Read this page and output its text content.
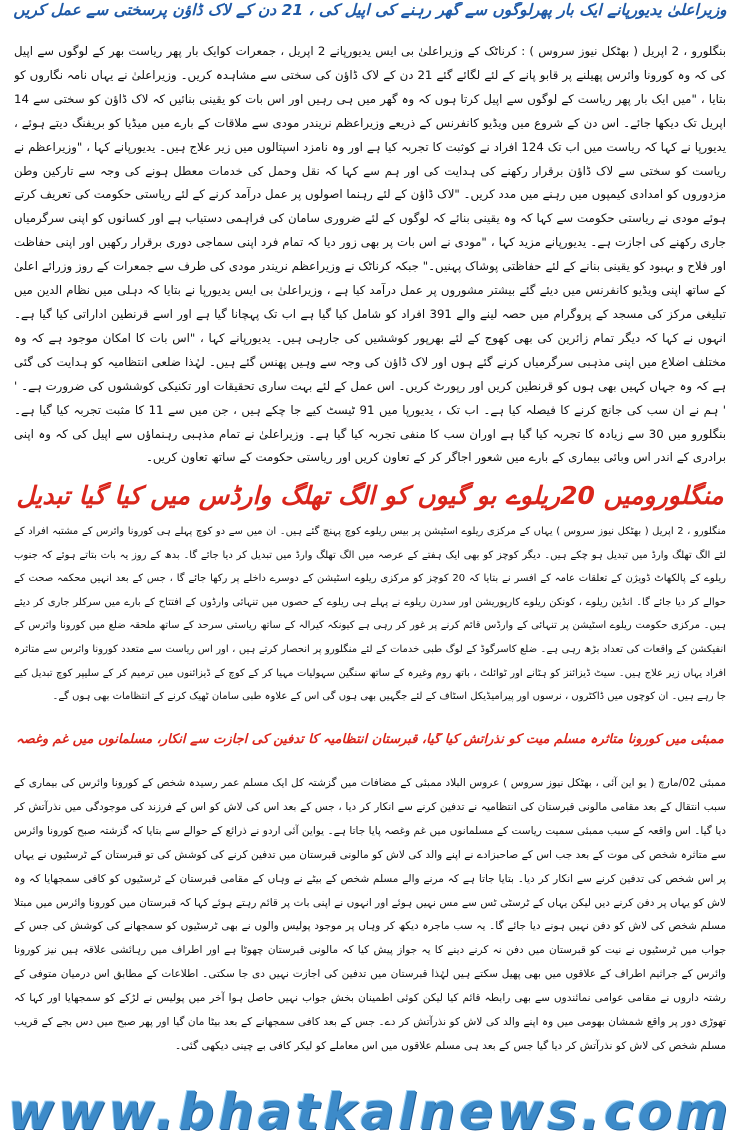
وزیراعلیٰ یدیورپانے ایک بار پھرلوگوں سے گھر رہنے کی اپیل کی ، 21 دن کے لاک ڈاؤن پرسختی سے عمل کریں

بنگلورو ، 2 اپریل ( بھٹکل نیوز سروس ) : کرناٹک کے وزیراعلیٰ بی ایس یدیورپانے 2 اپریل ، جمعرات کوایک بار پھر ریاست بھر کے لوگوں سے اپیل کی کہ وہ کورونا وائرس پھیلنے پر قابو پانے کے لئے لگائے گئے 21 دن کے لاک ڈاؤن کی سختی سے مشاہدہ کریں۔ وزیراعلیٰ نے یہاں نامہ نگاروں کو بتایا ، "میں ایک بار پھر ریاست کے لوگوں سے اپیل کرتا ہوں کہ وہ گھر میں ہی رہیں اور اس بات کو یقینی بنائیں کہ لاک ڈاؤن کو سختی سے 14 اپریل تک دیکھا جائے۔ اس دن کے شروع میں ویڈیو کانفرنس کے ذریعے وزیراعظم نریندر مودی سے ملاقات کے بارے میں میڈیا کو بریفنگ دیتے ہوئے ، یدیورپا نے کہا کہ ریاست میں اب تک 124 افراد نے کوثبت کا تجربہ کیا ہے اور وہ نامزد اسپتالوں میں زیر علاج ہیں۔ یدیورپانے کہا ، "وزیراعظم نے ریاست کو سختی سے لاک ڈاؤن برقرار رکھنے کی ہدایت کی اور ہم سے کہا کہ نقل وحمل کی خدمات معطل ہونے کی وجہ سے تارکین وطن مزدوروں کو امدادی کیمپوں میں رہنے میں مدد کریں۔ "لاک ڈاؤن کے لئے رہنما اصولوں پر عمل درآمد کرنے کے لئے ریاستی حکومت کی تعریف کرتے ہوئے مودی نے ریاستی حکومت سے کہا کہ وہ یقینی بنائے کہ لوگوں کے لئے ضروری سامان کی فراہمی دستیاب ہے اور کسانوں کو اپنی سرگرمیاں جاری رکھنے کی اجازت ہے۔ یدیورپانے مزید کہا ، "مودی نے اس بات پر بھی زور دیا کہ تمام فرد اپنی سماجی دوری برقرار رکھیں اور اپنی حفاظت اور فلاح و بہبود کو یقینی بنانے کے لئے حفاظتی پوشاک پہنیں۔" جبکہ کرناٹک نے وزیراعظم نریندر مودی کی طرف سے جمعرات کے روز وزرائے اعلیٰ کے ساتھ اپنی ویڈیو کانفرنس میں دیئے گئے بیشتر مشوروں پر عمل درآمد کیا ہے ، وزیراعلیٰ بی ایس یدیورپا نے بتایا کہ دہلی میں نظام الدین میں تبلیغی مرکز کی مسجد کے پروگرام میں حصہ لینے والے 391 افراد کو شامل کیا گیا ہے اب تک پہچانا گیا ہے اور اسے قرنطین اداراتی کیا گیا ہے۔ انہوں نے کہا کہ دیگر تمام زائرین کی بھی کھوج کے لئے بھرپور کوششیں کی جارہی ہیں۔ یدیورپانے کہا ، "اس بات کا امکان موجود ہے کہ وہ مختلف اضلاع میں اپنی مذہبی سرگرمیاں کرنے گئے ہوں اور لاک ڈاؤن کی وجہ سے وہیں پھنس گئے ہیں۔ لہٰذا ضلعی انتظامیہ کو ہدایت کی گئی ہے کہ وہ جہاں کہیں بھی ہوں کو قرنطین کریں اور رپورٹ کریں۔ اس عمل کے لئے بہت ساری تحقیقات اور تکنیکی کوششوں کی ضرورت ہے۔ ' ' ہم نے ان سب کی جانچ کرنے کا فیصلہ کیا ہے۔ اب تک ، یدیورپا میں 91 ٹیسٹ کیے جا چکے ہیں ، جن میں سے 11 کا مثبت تجربہ کیا گیا ہے۔ بنگلورو میں 30 سے زیادہ کا تجربہ کیا گیا ہے اوران سب کا منفی تجربہ کیا گیا ہے۔ وزیراعلیٰ نے تمام مذہبی رہنماؤں سے اپیل کی کہ وہ اپنی برادری کے اندر اس وبائی بیماری کے بارے میں شعور اجاگر کر کے تعاون کریں اور ریاستی حکومت کے ساتھ تعاون کریں۔

منگلورومیں 20ریلوے بو گیوں کو الگ تھلگ وارڈس میں کیا گیا تبدیل

منگلورو ، 2 اپریل ( بھٹکل نیوز سروس ) یہاں کے مرکزی ریلوے اسٹیشن پر بیس ریلوے کوچ پہنچ گئے ہیں۔ ان میں سے دو کوچ پہلے ہی کورونا وائرس کے مشتبہ افراد کے لئے الگ تھلگ وارڈ میں تبدیل ہو چکے ہیں۔ دیگر کوچز کو بھی ایک ہفتے کے عرصہ میں الگ تھلگ وارڈ میں تبدیل کر دیا جائے گا۔ بدھ کے روز یہ بات بتاتے ہوئے کہ جنوب ریلوے کے پالکھاٹ ڈویژن کے تعلقات عامہ کے افسر نے بتایا کہ 20 کوچز کو مرکزی ریلوے اسٹیشن کے دوسرے داخلے پر رکھا جائے گا ، جس کے بعد انہیں محکمہ صحت کے حوالے کر دیا جائے گا۔ انڈین ریلوے ، کونکن ریلوے کارپوریشن اور سدرن ریلوے نے پہلے ہی ریلوے کے حصوں میں تنہائی وارڈوں کے افتتاح کے بارے میں سرکلر جاری کر دیئے ہیں۔ مرکزی حکومت ریلوے اسٹیشن پر تنہائی کے وارڈس قائم کرنے پر غور کر رہی ہے کیونکہ کیرالہ کے ساتھ ریاستی سرحد کے ساتھ ملحقہ ضلع میں کورونا وائرس کے انفیکشن کے واقعات کی تعداد بڑھ رہی ہے۔ ضلع کاسرگوڈ کے لوگ طبی خدمات کے لئے منگلورو پر انحصار کرتے ہیں ، اور اس ریاست سے متعدد کورونا وائرس سے متاثرہ افراد یہاں زیر علاج ہیں۔ سیٹ ڈیزائنز کو ہٹانے اور ٹوائلٹ ، باتھ روم وغیرہ کے ساتھ سنگین سہولیات مہیا کر کے کوچ کے ڈیزائنوں میں ترمیم کر کے سلیپر کوچ تبدیل کیے جا رہے ہیں۔ ان کوچوں میں ڈاکٹروں ، نرسوں اور پیرامیڈیکل اسٹاف کے لئے جگہیں بھی ہوں گی اس کے علاوہ طبی سامان ٹھیک کرنے کے انتظامات بھی ہوں گے۔

ممبئی میں کورونا متاثرہ مسلم میت کو نذرآتش کیا گیا، قبرستان انتظامیہ کا تدفین کی اجازت سے انکار، مسلمانوں میں غم وغصہ

ممبئی 02/مارچ ( یو این آئی ، بھٹکل نیوز سروس ) عروس البلاد ممبئی کے مضافات میں گزشتہ کل ایک مسلم عمر رسیدہ شخص کے کورونا وائرس کی بیماری کے سبب انتقال کے بعد مقامی مالونی قبرستان کی انتظامیہ نے تدفین کرنے سے انکار کر دیا ، جس کے بعد اس کی لاش کو اس کے فرزند کی موجودگی میں نذرآتش کر دیا گیا۔ اس واقعہ کے سبب ممبئی سمیت ریاست کے مسلمانوں میں غم وغصہ پایا جاتا ہے۔ یواین آئی اردو نے ذرائع کے حوالے سے بتایا کہ گزشتہ صبح کورونا وائرس سے متاثرہ شخص کی موت کے بعد جب اس کے صاحبزادے نے اپنے والد کی لاش کو مالونی قبرستان میں تدفین کرنے کی کوشش کی تو قبرستان کے ٹرسٹیوں نے یہاں پر اس شخص کی تدفین کرنے سے انکار کر دیا۔ بتایا جاتا ہے کہ مرنے والے مسلم شخص کے بیٹے نے وہاں کے مقامی قبرستان کے ٹرسٹیوں کو کافی سمجھایا کہ وہ لاش کو یہاں پر دفن کرنے دیں لیکن یہاں کے ٹرسٹی ٹس سے مس نہیں ہوئے اور انہوں نے اپنی بات پر قائم رہتے ہوئے کہا کہ قبرستان میں کورونا وائرس میں مبتلا مسلم شخص کی لاش کو دفن نہیں ہونے دیا جائے گا۔ یہ سب ماجرہ دیکھ کر وہاں پر موجود پولیس والوں نے بھی ٹرسٹیوں کو سمجھانے کی کوشش کی جس کے جواب میں ٹرسٹیوں نے نیت کو قبرستان میں دفن نہ کرنے دینے کا یہ جواز پیش کیا کہ مالونی قبرستان چھوٹا ہے اور اطراف میں رہائشی علاقہ ہیں نیز کورونا وائرس کے جراثیم اطراف کے علاقوں میں بھی پھیل سکتے ہیں لہٰذا قبرستان میں تدفین کی اجازت نہیں دی جا سکتی۔ اطلاعات کے مطابق اس درمیان متوفی کے رشتہ داروں نے مقامی عوامی نمائندوں سے بھی رابطہ قائم کیا لیکن کوئی اطمینان بخش جواب نہیں حاصل ہوا آخر میں پولیس نے لڑکے کو سمجھایا اور کہا کہ تھوڑی دور پر واقع شمشان بھومی میں وہ اپنے والد کی لاش کو نذرآتش کر دے۔ جس کے بعد کافی سمجھانے کے بعد بیٹا مان گیا اور پھر صبح میں دس بجے کے قریب مسلم شخص کی لاش کو نذرآتش کر دیا گیا جس کے بعد ہی مسلم علاقوں میں اس معاملے کو لیکر کافی بے چینی دیکھی گئی۔

www.bhatkalnews.com
